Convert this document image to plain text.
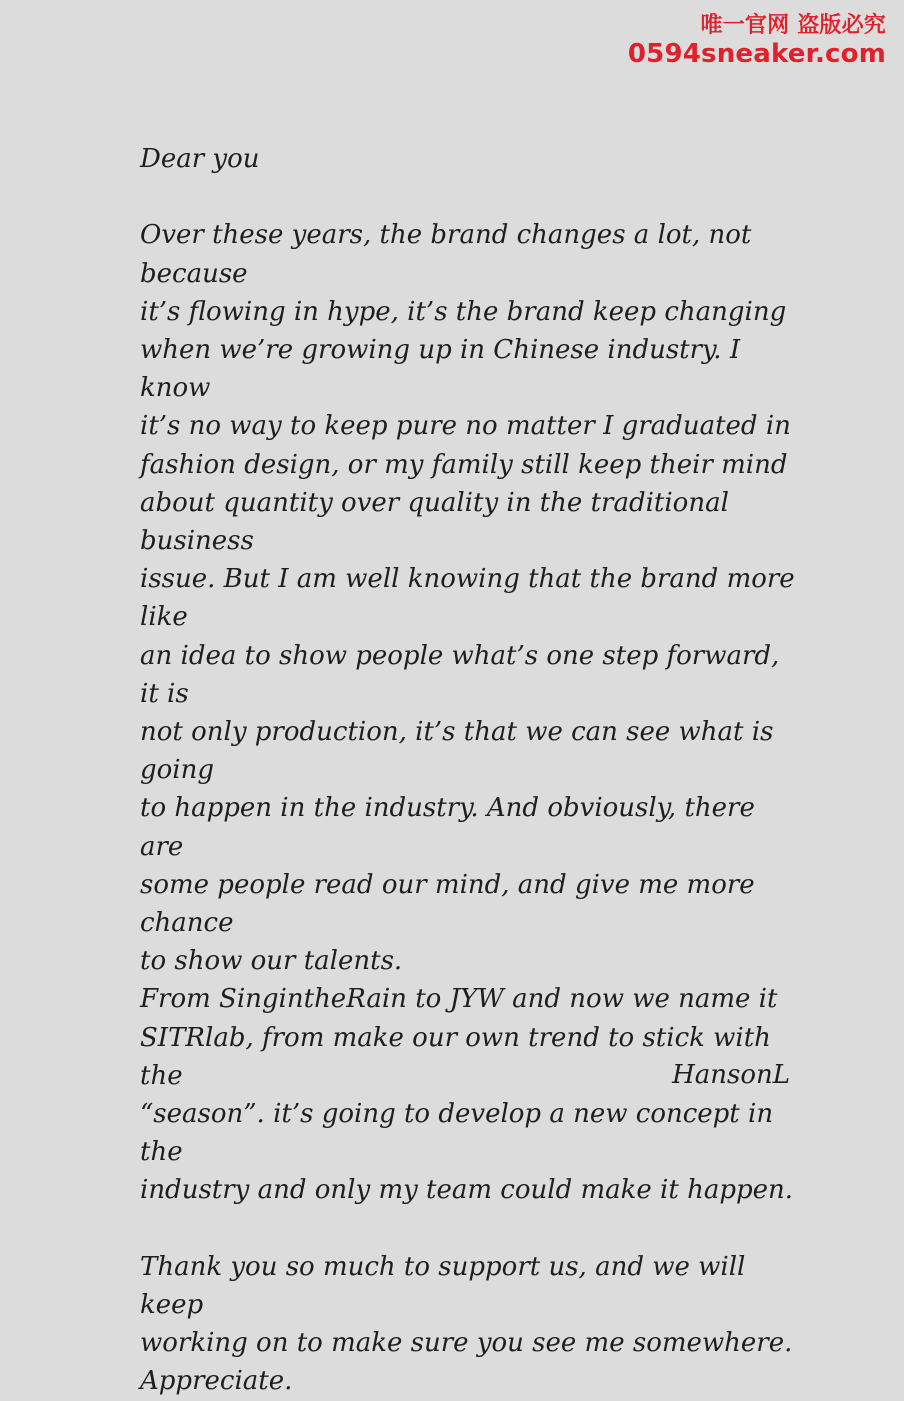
唯一官网 盗版必究
0594sneaker.com

Dear you

Over these years, the brand changes a lot, not because
it’s flowing in hype, it’s the brand keep changing
when we’re growing up in Chinese industry. I know
it’s no way to keep pure no matter I graduated in
fashion design, or my family still keep their mind
about quantity over quality in the traditional business
issue. But I am well knowing that the brand more like
an idea to show people what’s one step forward, it is
not only production, it’s that we can see what is going
to happen in the industry. And obviously, there are
some people read our mind, and give me more chance
to show our talents.

From SingintheRain to JYW and now we name it
SITRlab, from make our own trend to stick with the
“season”. it’s going to develop a new concept in the
industry and only my team could make it happen.

Thank you so much to support us, and we will keep
working on to make sure you see me somewhere.
Appreciate.

HansonL
